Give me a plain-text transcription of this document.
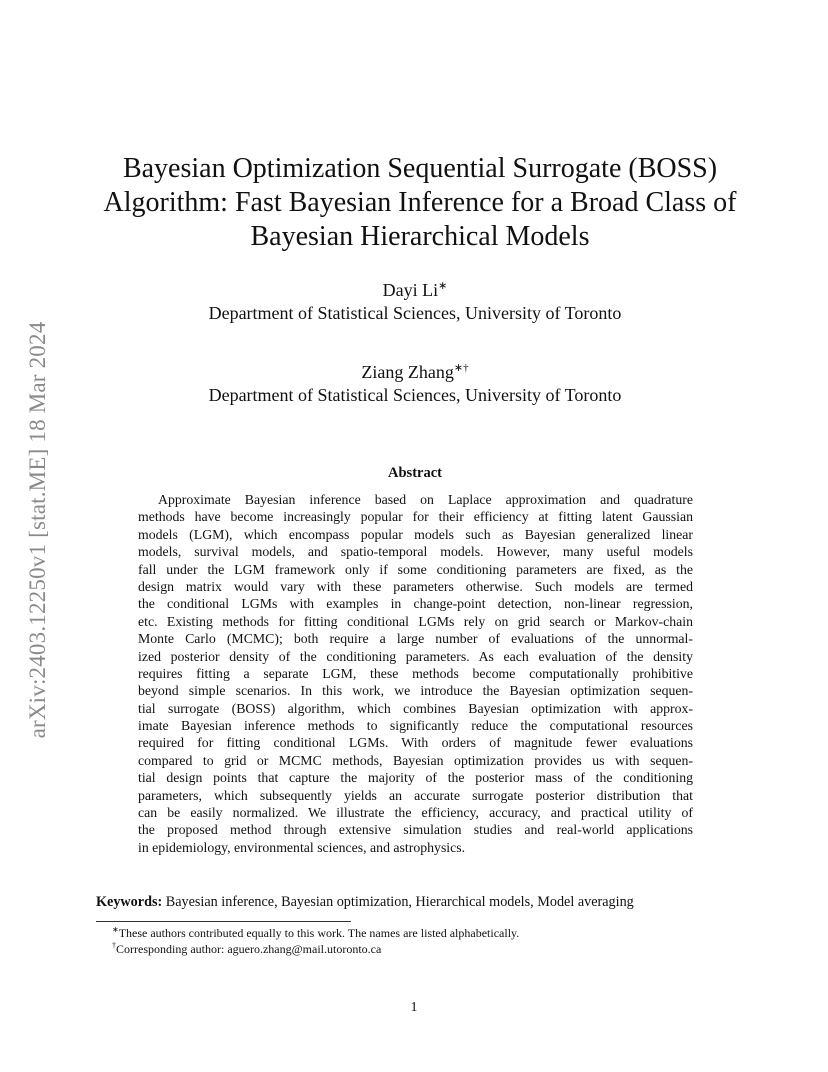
arXiv:2403.12250v1 [stat.ME] 18 Mar 2024
Bayesian Optimization Sequential Surrogate (BOSS)
Algorithm: Fast Bayesian Inference for a Broad Class of
Bayesian Hierarchical Models
Dayi Li∗
Department of Statistical Sciences, University of Toronto
Ziang Zhang∗†
Department of Statistical Sciences, University of Toronto
Abstract
Approximate Bayesian inference based on Laplace approximation and quadrature
methods have become increasingly popular for their efficiency at fitting latent Gaussian
models (LGM), which encompass popular models such as Bayesian generalized linear
models, survival models, and spatio-temporal models. However, many useful models
fall under the LGM framework only if some conditioning parameters are fixed, as the
design matrix would vary with these parameters otherwise. Such models are termed
the conditional LGMs with examples in change-point detection, non-linear regression,
etc. Existing methods for fitting conditional LGMs rely on grid search or Markov-chain
Monte Carlo (MCMC); both require a large number of evaluations of the unnormal-
ized posterior density of the conditioning parameters. As each evaluation of the density
requires fitting a separate LGM, these methods become computationally prohibitive
beyond simple scenarios. In this work, we introduce the Bayesian optimization sequen-
tial surrogate (BOSS) algorithm, which combines Bayesian optimization with approx-
imate Bayesian inference methods to significantly reduce the computational resources
required for fitting conditional LGMs. With orders of magnitude fewer evaluations
compared to grid or MCMC methods, Bayesian optimization provides us with sequen-
tial design points that capture the majority of the posterior mass of the conditioning
parameters, which subsequently yields an accurate surrogate posterior distribution that
can be easily normalized. We illustrate the efficiency, accuracy, and practical utility of
the proposed method through extensive simulation studies and real-world applications
in epidemiology, environmental sciences, and astrophysics.
Keywords: Bayesian inference, Bayesian optimization, Hierarchical models, Model averaging
∗These authors contributed equally to this work. The names are listed alphabetically.
†Corresponding author: aguero.zhang@mail.utoronto.ca
1
